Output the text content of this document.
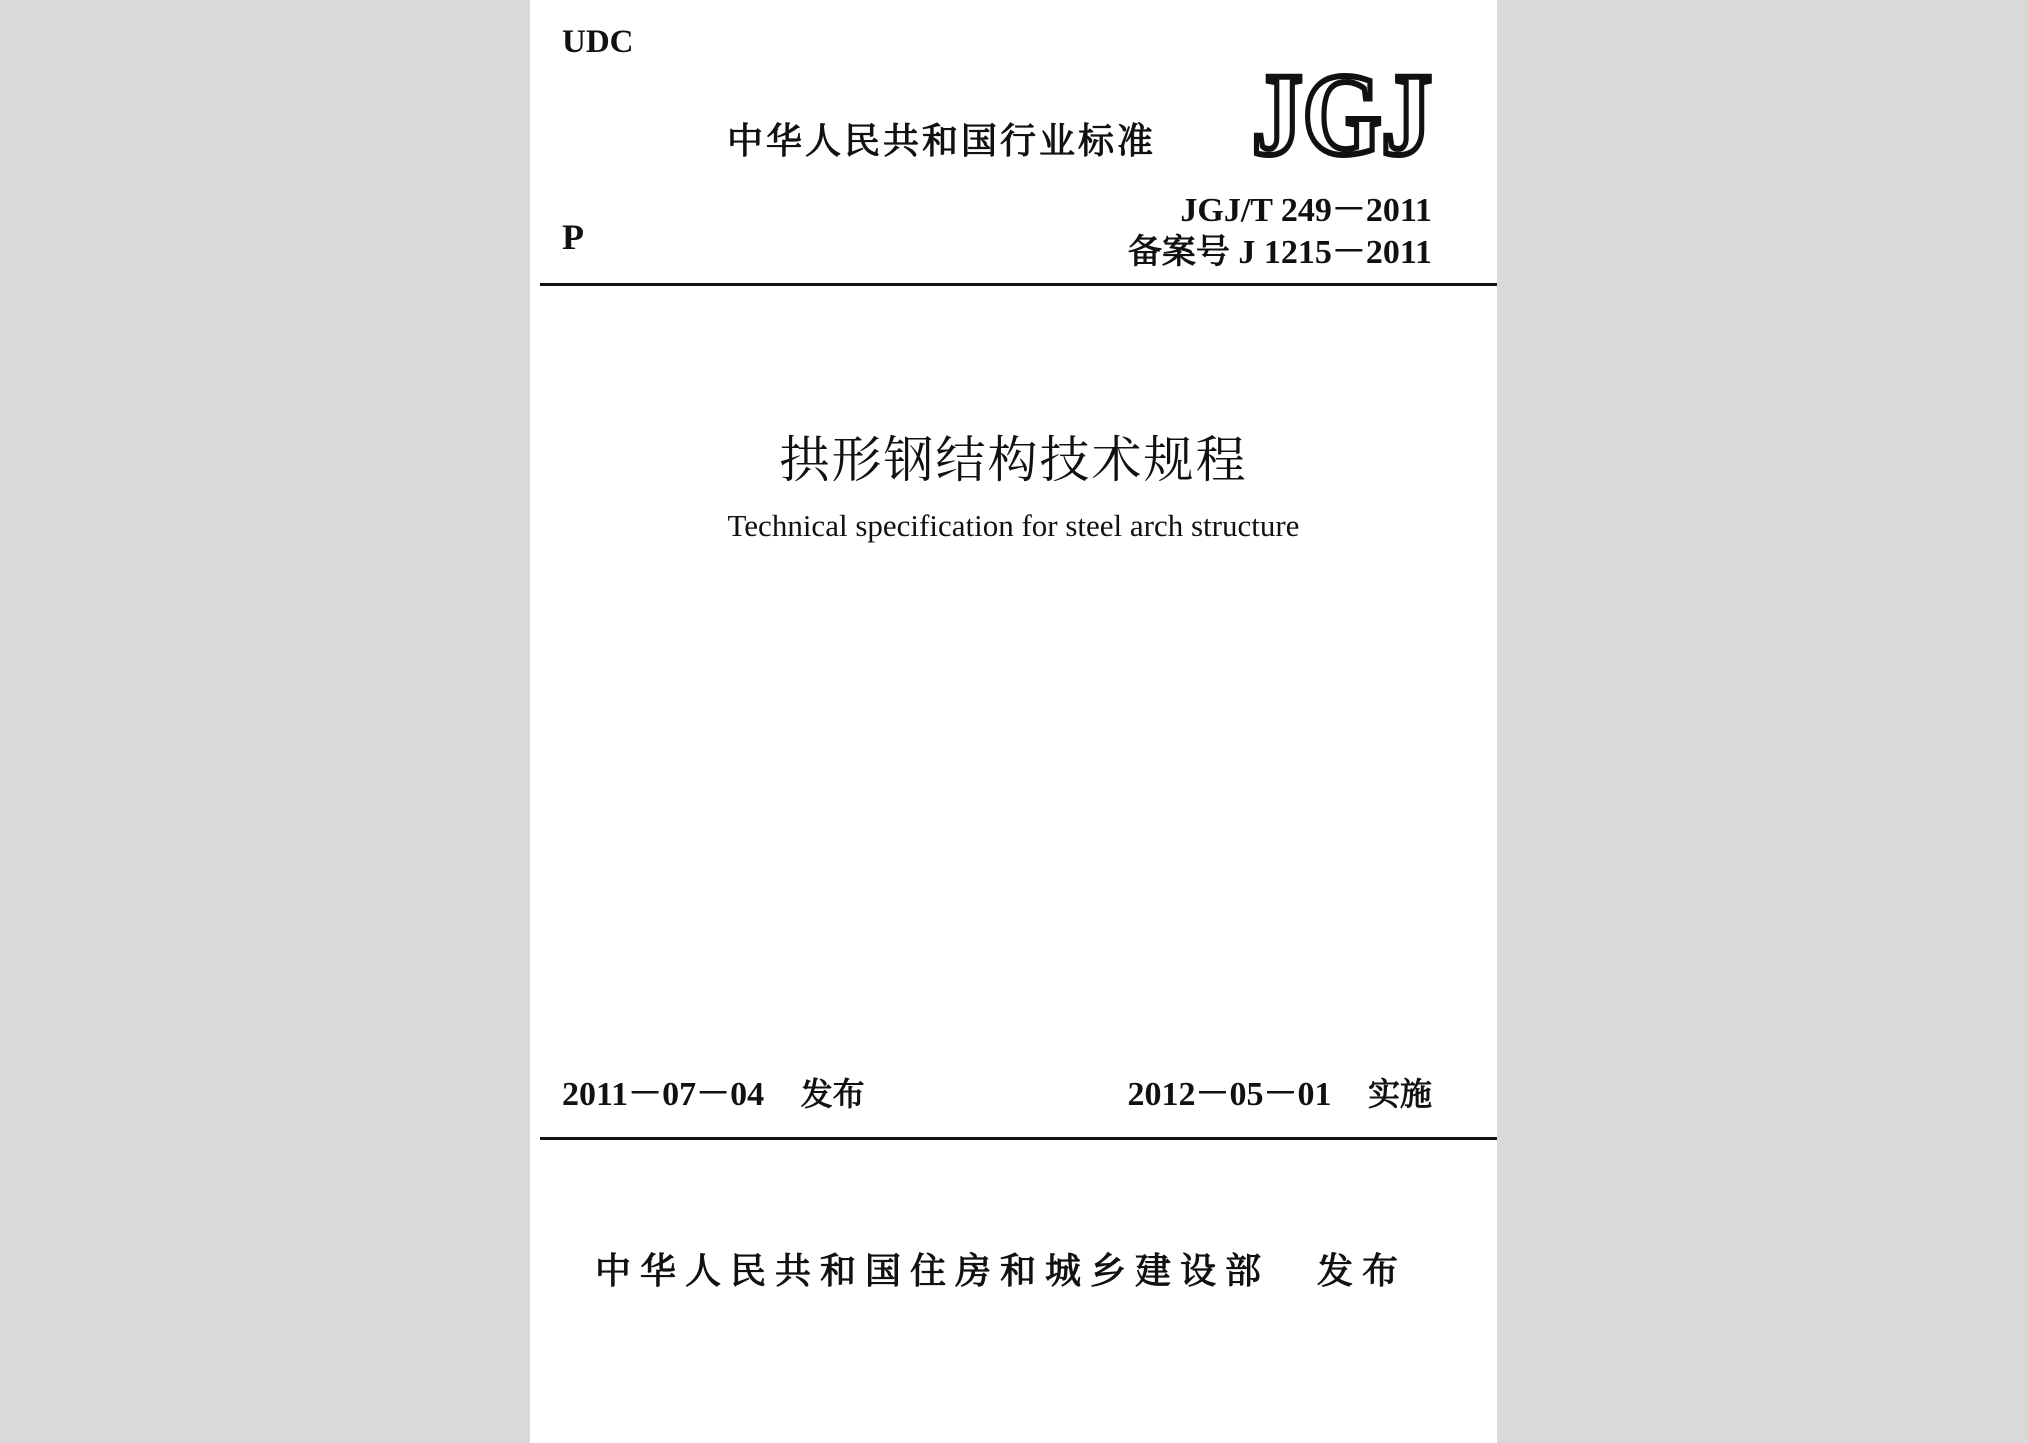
UDC
中华人民共和国行业标准 JGJ
JGJ/T 249－2011
P	备案号 J 1215－2011
拱形钢结构技术规程
Technical specification for steel arch structure
2011－07－04 发布	2012－05－01 实施
中华人民共和国住房和城乡建设部 发布
